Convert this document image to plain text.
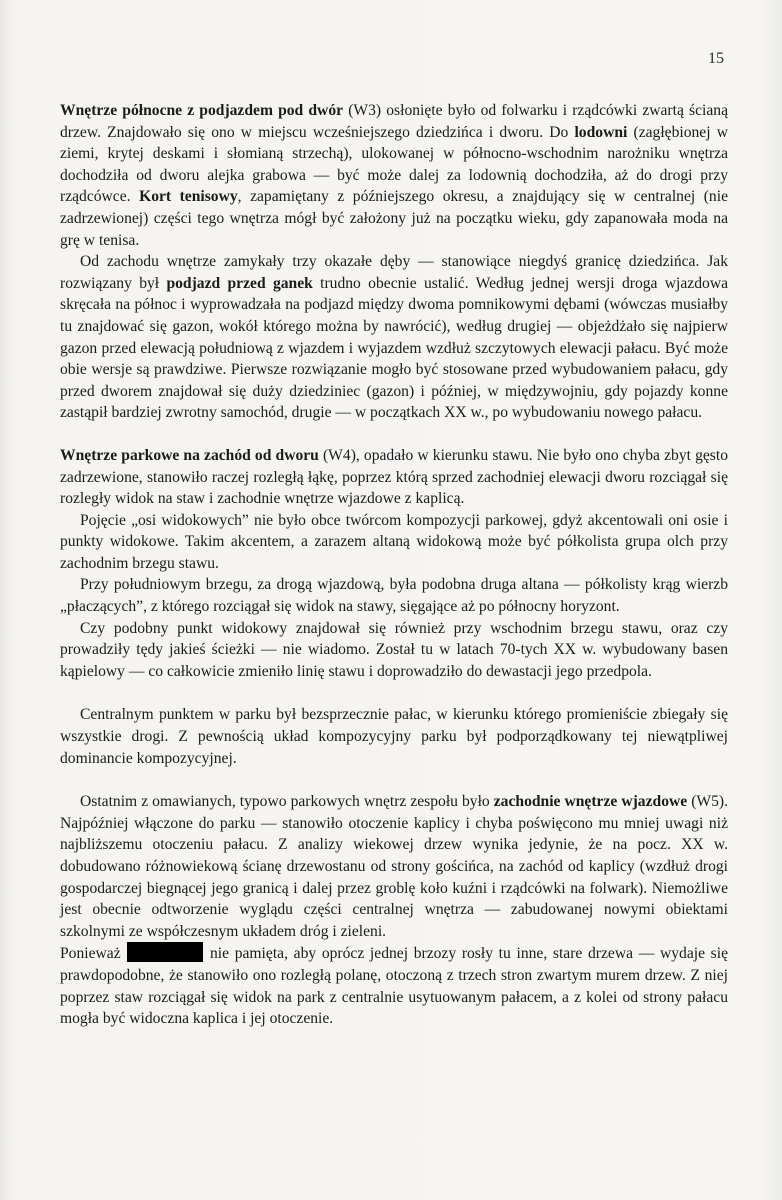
15

Wnętrze północne z podjazdem pod dwór (W3) osłonięte było od folwarku i rządcówki zwartą ścianą drzew. Znajdowało się ono w miejscu wcześniejszego dziedzińca i dworu. Do lodowni (zagłębionej w ziemi, krytej deskami i słomianą strzechą), ulokowanej w północno-wschodnim narożniku wnętrza dochodziła od dworu alejka grabowa — być może dalej za lodownią dochodziła, aż do drogi przy rządcówce. Kort tenisowy, zapamiętany z późniejszego okresu, a znajdujący się w centralnej (nie zadrzewionej) części tego wnętrza mógł być założony już na początku wieku, gdy zapanowała moda na grę w tenisa.

Od zachodu wnętrze zamykały trzy okazałe dęby — stanowiące niegdyś granicę dziedzińca. Jak rozwiązany był podjazd przed ganek trudno obecnie ustalić. Według jednej wersji droga wjazdowa skręcała na północ i wyprowadzała na podjazd między dwoma pomnikowymi dębami (wówczas musiałby tu znajdować się gazon, wokół którego można by nawrócić), według drugiej — objeżdżało się najpierw gazon przed elewacją południową z wjazdem i wyjazdem wzdłuż szczytowych elewacji pałacu. Być może obie wersje są prawdziwe. Pierwsze rozwiązanie mogło być stosowane przed wybudowaniem pałacu, gdy przed dworem znajdował się duży dziedziniec (gazon) i później, w międzywojniu, gdy pojazdy konne zastąpił bardziej zwrotny samochód, drugie — w początkach XX w., po wybudowaniu nowego pałacu.

Wnętrze parkowe na zachód od dworu (W4), opadało w kierunku stawu. Nie było ono chyba zbyt gęsto zadrzewione, stanowiło raczej rozległą łąkę, poprzez którą sprzed zachodniej elewacji dworu rozciągał się rozległy widok na staw i zachodnie wnętrze wjazdowe z kaplicą.

Pojęcie „osi widokowych” nie było obce twórcom kompozycji parkowej, gdyż akcentowali oni osie i punkty widokowe. Takim akcentem, a zarazem altaną widokową może być półkolista grupa olch przy zachodnim brzegu stawu.

Przy południowym brzegu, za drogą wjazdową, była podobna druga altana — półkolisty krąg wierzb „płaczących”, z którego rozciągał się widok na stawy, sięgające aż po północny horyzont.

Czy podobny punkt widokowy znajdował się również przy wschodnim brzegu stawu, oraz czy prowadziły tędy jakieś ścieżki — nie wiadomo. Został tu w latach 70-tych XX w. wybudowany basen kąpielowy — co całkowicie zmieniło linię stawu i doprowadziło do dewastacji jego przedpola.

Centralnym punktem w parku był bezsprzecznie pałac, w kierunku którego promieniście zbiegały się wszystkie drogi. Z pewnością układ kompozycyjny parku był podporządkowany tej niewątpliwej dominancie kompozycyjnej.

Ostatnim z omawianych, typowo parkowych wnętrz zespołu było zachodnie wnętrze wjazdowe (W5). Najpóźniej włączone do parku — stanowiło otoczenie kaplicy i chyba poświęcono mu mniej uwagi niż najbliższemu otoczeniu pałacu. Z analizy wiekowej drzew wynika jedynie, że na pocz. XX w. dobudowano różnowiekową ścianę drzewostanu od strony gościńca, na zachód od kaplicy (wzdłuż drogi gospodarczej biegnącej jego granicą i dalej przez groblę koło kuźni i rządcówki na folwark). Niemożliwe jest obecnie odtworzenie wyglądu części centralnej wnętrza — zabudowanej nowymi obiektami szkolnymi ze współczesnym układem dróg i zieleni.

Ponieważ	nie pamięta, aby oprócz jednej brzozy rosły tu inne, stare drzewa — wydaje się prawdopodobne, że stanowiło ono rozległą polanę, otoczoną z trzech stron zwartym murem drzew. Z niej poprzez staw rozciągał się widok na park z centralnie usytuowanym pałacem, a z kolei od strony pałacu mogła być widoczna kaplica i jej otoczenie.
